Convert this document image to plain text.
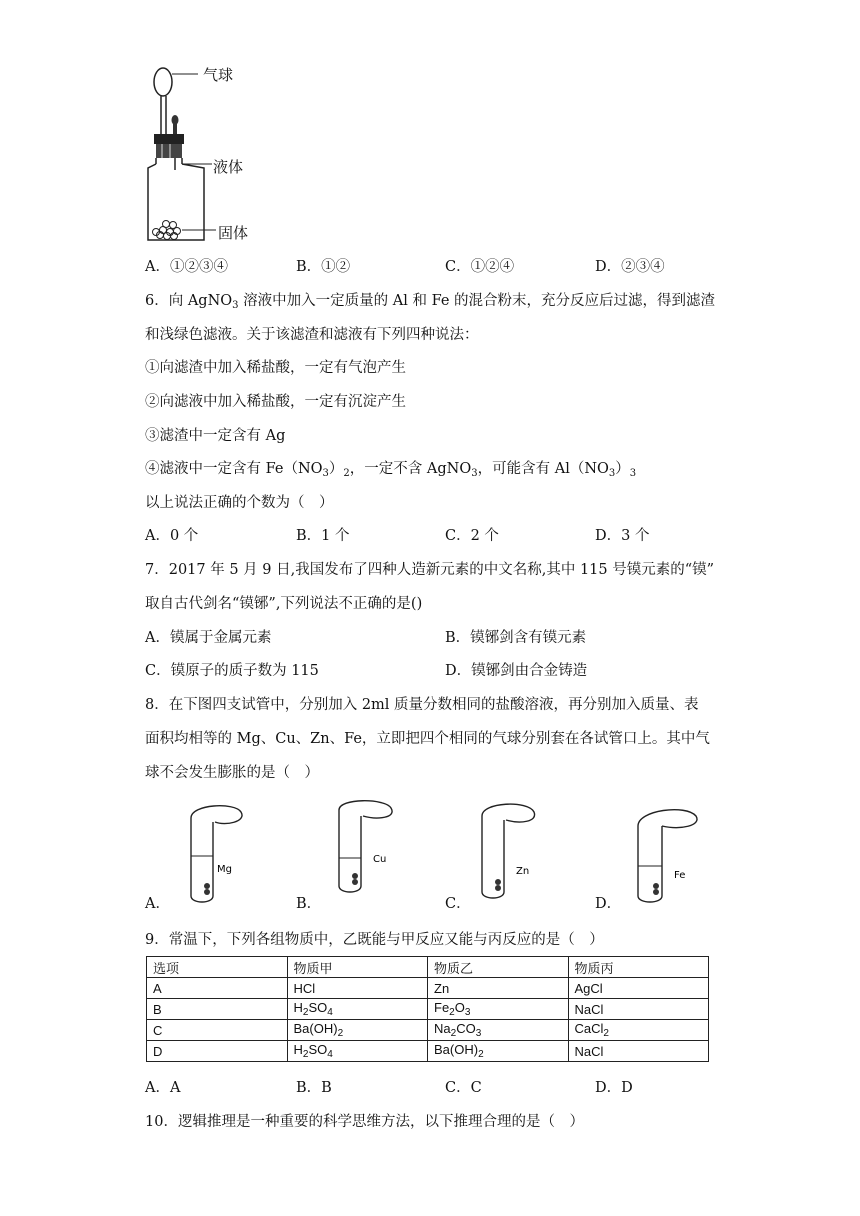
气球
液体
固体
A．①②③④	B．①②	C．①②④	D．②③④
6．向 AgNO$_3$ 溶液中加入一定质量的 Al 和 Fe 的混合粉末，充分反应后过滤，得到滤渣
和浅绿色滤液。关于该滤渣和滤液有下列四种说法：
①向滤渣中加入稀盐酸，一定有气泡产生
②向滤液中加入稀盐酸，一定有沉淀产生
③滤渣中一定含有 Ag
④滤液中一定含有 $Fe(NO_3)_2$，一定不含 AgNO$_3$，可能含有 $Al(NO_3)_3$
以上说法正确的个数为（　）
A．0 个	B．1 个	C．2 个	D．3 个
7．2017 年 5 月 9 日,我国发布了四种人造新元素的中文名称,其中 115 号镆元素的“镆”
取自古代剑名“镆铘”,下列说法不正确的是()
A．镆属于金属元素	B．镆铘剑含有镆元素
C．镆原子的质子数为 115	D．镆铘剑由合金铸造
8．在下图四支试管中，分别加入 2ml 质量分数相同的盐酸溶液，再分别加入质量、表
面积均相等的 Mg、Cu、Zn、Fe，立即把四个相同的气球分别套在各试管口上。其中气
球不会发生膨胀的是（　）
Mg
Cu
Zn	Fe
A．	B．	C．	D．
9．常温下，下列各组物质中，乙既能与甲反应又能与丙反应的是（　）
选项	物质甲	物质乙	物质丙
A	HCl	Zn	AgCl
B	$H_2SO_4$	$Fe_2O_3$	NaCl
C	$Ba(OH)_2$	$Na_2CO_3$	CaCl$_2$
D	$H_2SO_4$	$Ba(OH)_2$	NaCl
A．A	B．B	C．C	D．D
10．逻辑推理是一种重要的科学思维方法，以下推理合理的是（　）
